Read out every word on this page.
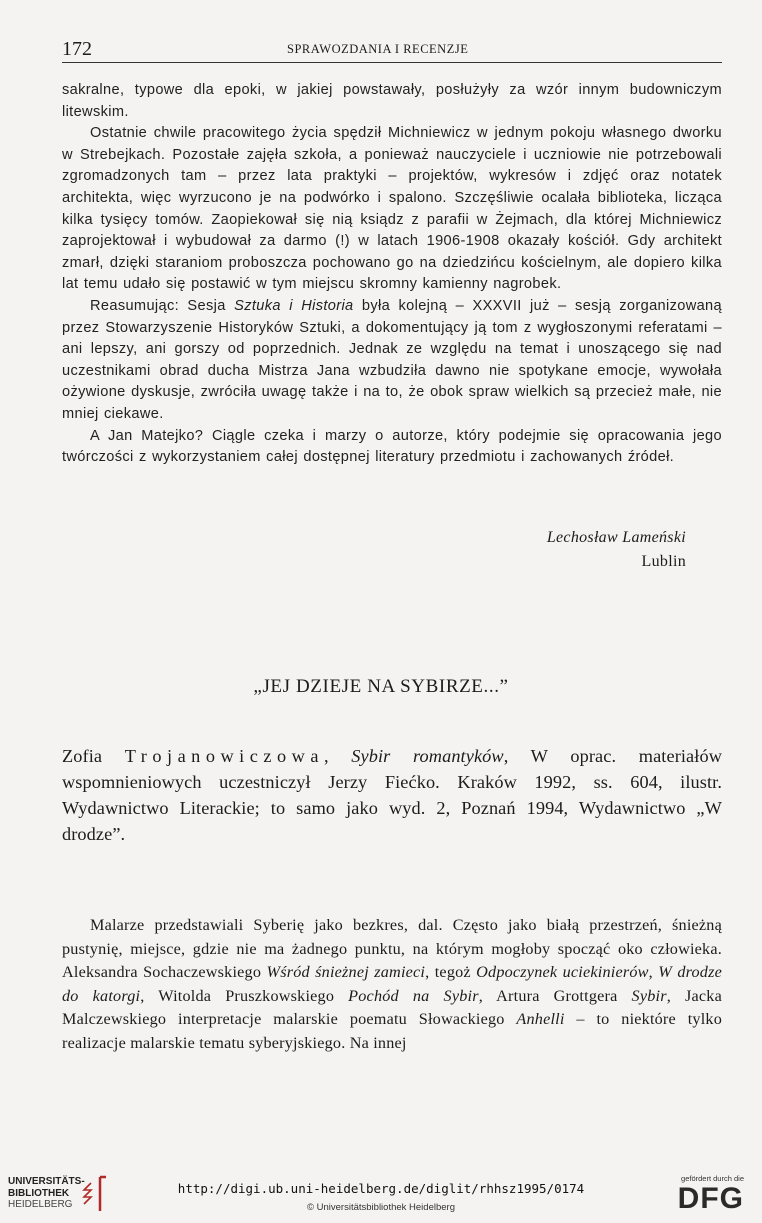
172	SPRAWOZDANIA I RECENZJE

sakralne, typowe dla epoki, w jakiej powstawały, posłużyły za wzór innym budowniczym litewskim.

Ostatnie chwile pracowitego życia spędził Michniewicz w jednym pokoju własnego dworku w Strebejkach. Pozostałe zajęła szkoła, a ponieważ nauczyciele i uczniowie nie potrzebowali zgromadzonych tam – przez lata praktyki – projektów, wykresów i zdjęć oraz notatek architekta, więc wyrzucono je na podwórko i spalono. Szczęśliwie ocalała biblioteka, licząca kilka tysięcy tomów. Zaopiekował się nią ksiądz z parafii w Żejmach, dla której Michniewicz zaprojektował i wybudował za darmo (!) w latach 1906-1908 okazały kościół. Gdy architekt zmarł, dzięki staraniom proboszcza pochowano go na dziedzińcu kościelnym, ale dopiero kilka lat temu udało się postawić w tym miejscu skromny kamienny nagrobek.

Reasumując: Sesja Sztuka i Historia była kolejną – XXXVII już – sesją zorganizowaną przez Stowarzyszenie Historyków Sztuki, a dokomentujący ją tom z wygłoszonymi referatami – ani lepszy, ani gorszy od poprzednich. Jednak ze względu na temat i unoszącego się nad uczestnikami obrad ducha Mistrza Jana wzbudziła dawno nie spotykane emocje, wywołała ożywione dyskusje, zwróciła uwagę także i na to, że obok spraw wielkich są przecież małe, nie mniej ciekawe.

A Jan Matejko? Ciągle czeka i marzy o autorze, który podejmie się opracowania jego twórczości z wykorzystaniem całej dostępnej literatury przedmiotu i zachowanych źródeł.

Lechosław Lameński
Lublin
„JEJ DZIEJE NA SYBIRZE...”

Zofia Trojanowiczowa, Sybir romantyków, W oprac. materiałów wspomnieniowych uczestniczył Jerzy Fiećko. Kraków 1992, ss. 604, ilustr. Wydawnictwo Literackie; to samo jako wyd. 2, Poznań 1994, Wydawnictwo „W drodze”.

Malarze przedstawiali Syberię jako bezkres, dal. Często jako białą przestrzeń, śnieżną pustynię, miejsce, gdzie nie ma żadnego punktu, na którym mogłoby spocząć oko człowieka. Aleksandra Sochaczewskiego Wśród śnieżnej zamieci, tegoż Odpoczynek uciekinierów, W drodze do katorgi, Witolda Pruszkowskiego Pochód na Sybir, Artura Grottgera Sybir, Jacka Malczewskiego interpretacje malarskie poematu Słowackiego Anhelli – to niektóre tylko realizacje malarskie tematu syberyjskiego. Na innej

UNIVERSITÄTS-
BIBLIOTHEK
HEIDELBERG
http://digi.ub.uni-heidelberg.de/diglit/rhhsz1995/0174
© Universitätsbibliothek Heidelberg
gefördert durch die
DFG
